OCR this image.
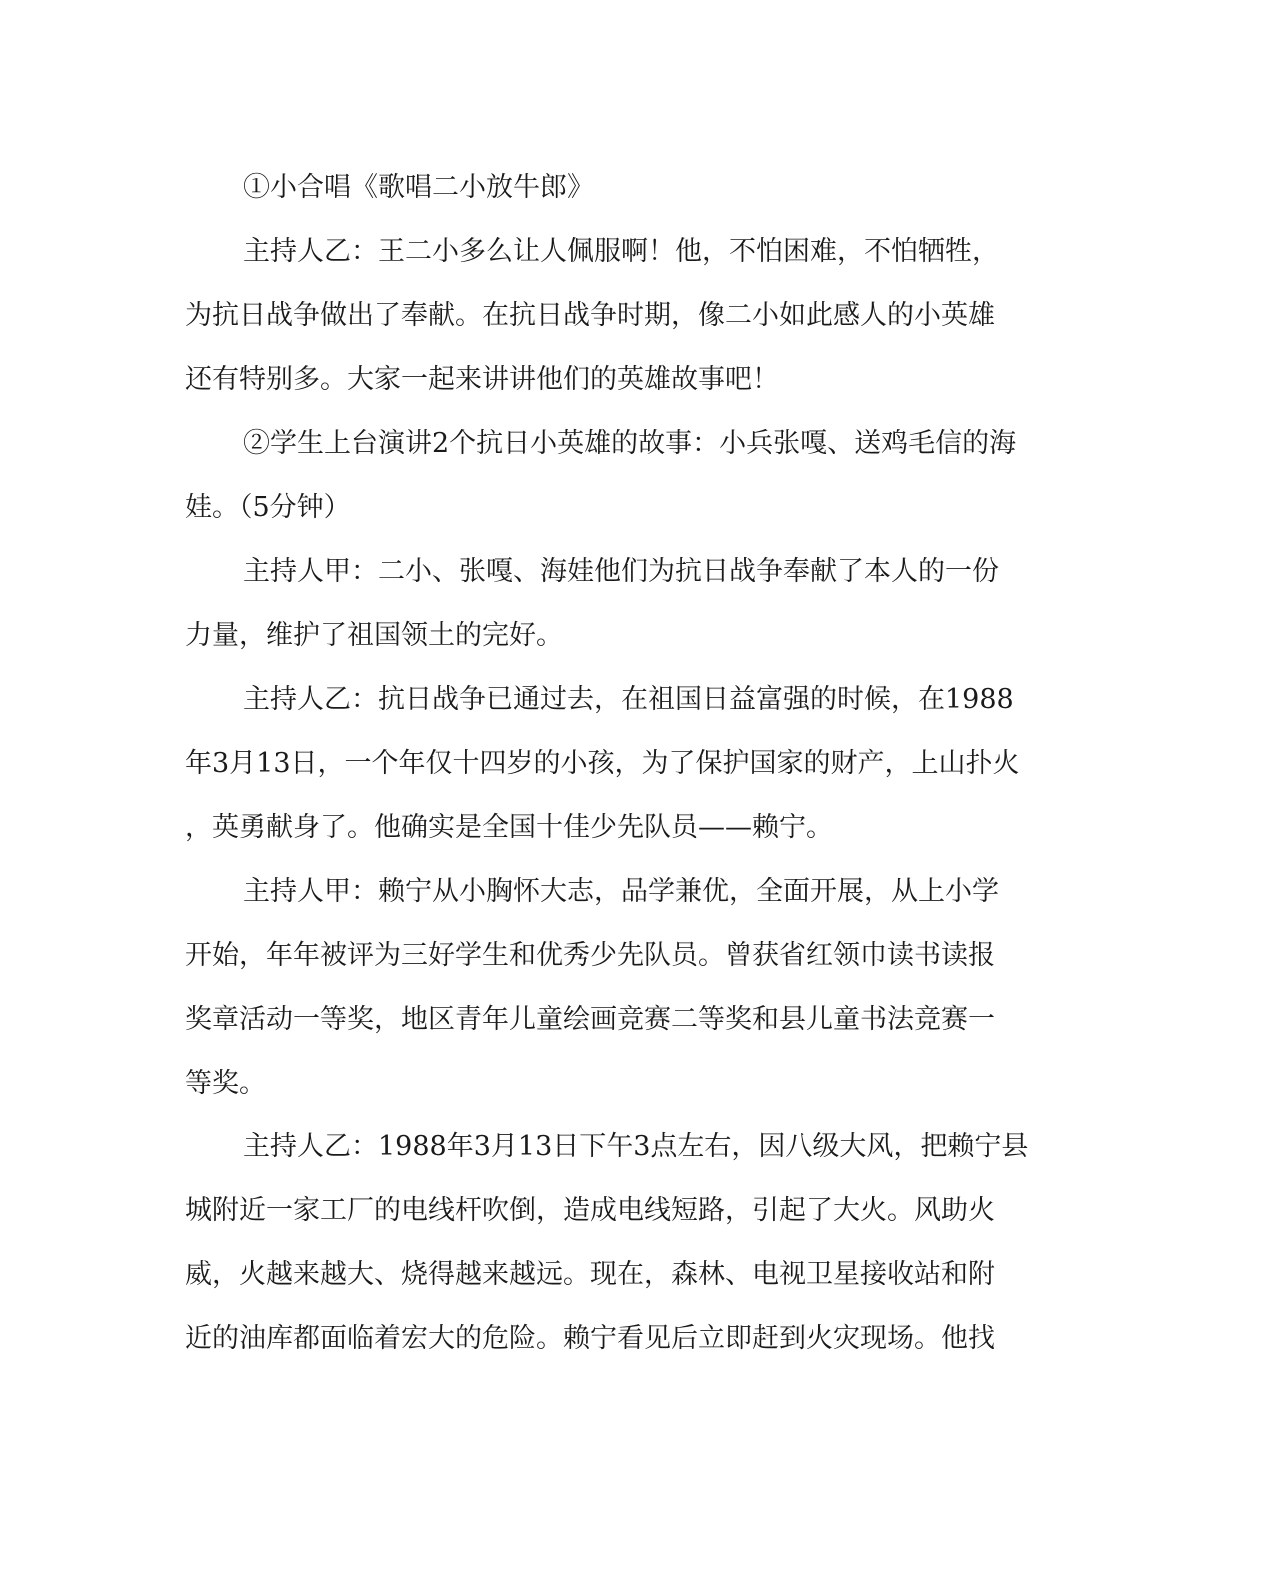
①小合唱《歌唱二小放牛郎》

主持人乙：王二小多么让人佩服啊！他，不怕困难，不怕牺牲，

为抗日战争做出了奉献。在抗日战争时期，像二小如此感人的小英雄

还有特别多。大家一起来讲讲他们的英雄故事吧！

②学生上台演讲2个抗日小英雄的故事：小兵张嘎、送鸡毛信的海

娃。（5分钟）

主持人甲：二小、张嘎、海娃他们为抗日战争奉献了本人的一份

力量，维护了祖国领土的完好。

主持人乙：抗日战争已通过去，在祖国日益富强的时候，在1988

年3月13日，一个年仅十四岁的小孩，为了保护国家的财产，上山扑火

，英勇献身了。他确实是全国十佳少先队员——赖宁。

主持人甲：赖宁从小胸怀大志，品学兼优，全面开展，从上小学

开始，年年被评为三好学生和优秀少先队员。曾获省红领巾读书读报

奖章活动一等奖，地区青年儿童绘画竞赛二等奖和县儿童书法竞赛一

等奖。

主持人乙：1988年3月13日下午3点左右，因八级大风，把赖宁县

城附近一家工厂的电线杆吹倒，造成电线短路，引起了大火。风助火

威，火越来越大、烧得越来越远。现在，森林、电视卫星接收站和附

近的油库都面临着宏大的危险。赖宁看见后立即赶到火灾现场。他找
